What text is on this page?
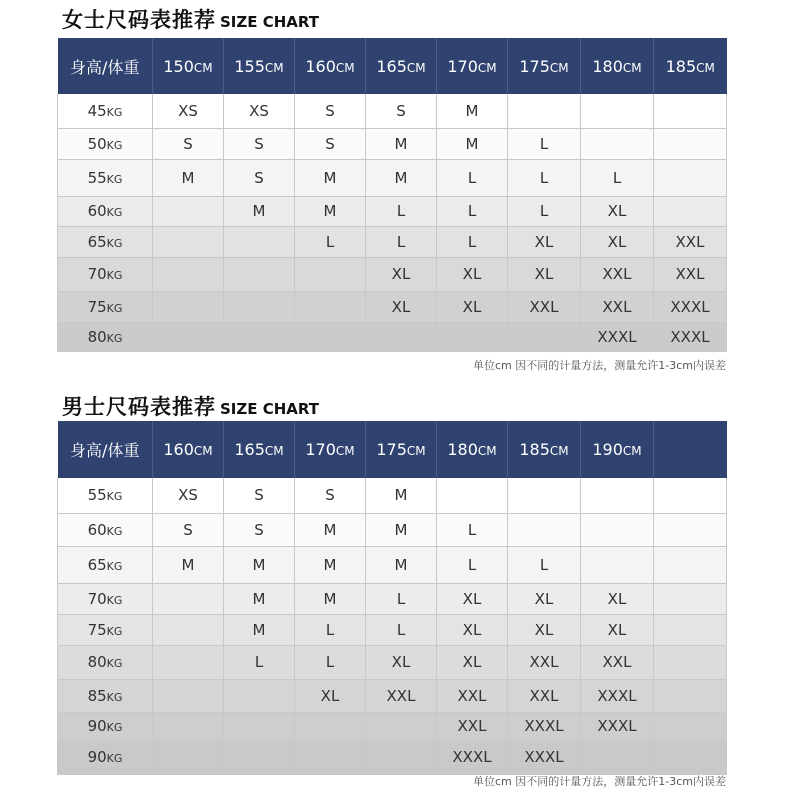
女士尺码表推荐 SIZE CHART
身高/体重	150CM	155CM	160CM	165CM	170CM	175CM	180CM	185CM
45KG	XS	XS	S	S	M			
50KG	S	S	S	M	M	L		
55KG	M	S	M	M	L	L	L	
60KG		M	M	L	L	L	XL	
65KG			L	L	L	XL	XL	XXL
70KG				XL	XL	XL	XXL	XXL
75KG				XL	XL	XXL	XXL	XXXL
80KG							XXXL	XXXL
单位cm 因不同的计量方法，测量允许1-3cm内误差
男士尺码表推荐 SIZE CHART
身高/体重	160CM	165CM	170CM	175CM	180CM	185CM	190CM	
55KG	XS	S	S	M				
60KG	S	S	M	M	L			
65KG	M	M	M	M	L	L		
70KG		M	M	L	XL	XL	XL	
75KG		M	L	L	XL	XL	XL	
80KG		L	L	XL	XL	XXL	XXL	
85KG			XL	XXL	XXL	XXL	XXXL	
90KG					XXL	XXXL	XXXL	
90KG					XXXL	XXXL		
单位cm 因不同的计量方法，测量允许1-3cm内误差
